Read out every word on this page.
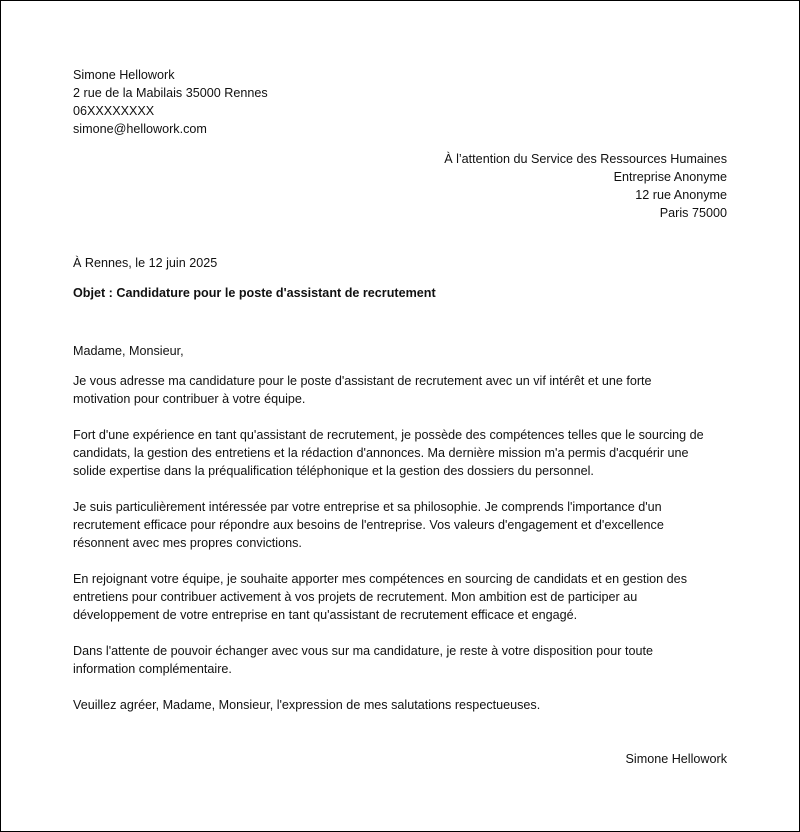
Simone Hellowork
2 rue de la Mabilais 35000 Rennes
06XXXXXXXX
simone@hellowork.com
À l’attention du Service des Ressources Humaines
Entreprise Anonyme
12 rue Anonyme
Paris 75000
À Rennes, le 12 juin 2025
Objet : Candidature pour le poste d'assistant de recrutement
Madame, Monsieur,
Je vous adresse ma candidature pour le poste d'assistant de recrutement avec un vif intérêt et une forte
motivation pour contribuer à votre équipe.
Fort d'une expérience en tant qu'assistant de recrutement, je possède des compétences telles que le sourcing de
candidats, la gestion des entretiens et la rédaction d'annonces. Ma dernière mission m'a permis d'acquérir une
solide expertise dans la préqualification téléphonique et la gestion des dossiers du personnel.
Je suis particulièrement intéressée par votre entreprise et sa philosophie. Je comprends l'importance d'un
recrutement efficace pour répondre aux besoins de l'entreprise. Vos valeurs d'engagement et d'excellence
résonnent avec mes propres convictions.
En rejoignant votre équipe, je souhaite apporter mes compétences en sourcing de candidats et en gestion des
entretiens pour contribuer activement à vos projets de recrutement. Mon ambition est de participer au
développement de votre entreprise en tant qu'assistant de recrutement efficace et engagé.
Dans l'attente de pouvoir échanger avec vous sur ma candidature, je reste à votre disposition pour toute
information complémentaire.
Veuillez agréer, Madame, Monsieur, l'expression de mes salutations respectueuses.
Simone Hellowork
